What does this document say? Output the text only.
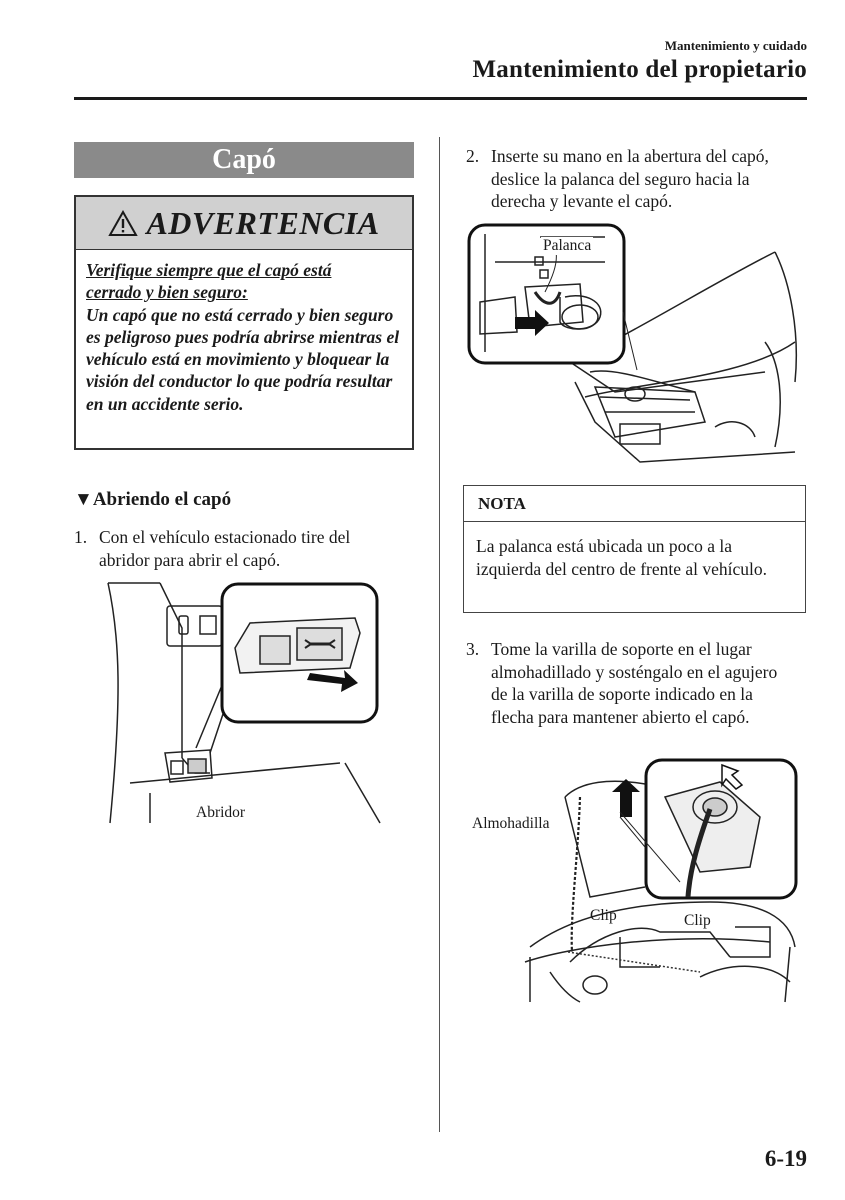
Mantenimiento y cuidado
Mantenimiento del propietario
Capó
ADVERTENCIA
Verifique siempre que el capó está
cerrado y bien seguro:
Un capó que no está cerrado y bien seguro es peligroso pues podría abrirse mientras el vehículo está en movimiento y bloquear la visión del conductor lo que podría resultar en un accidente serio.
▼Abriendo el capó
1. Con el vehículo estacionado tire del abridor para abrir el capó.
Abridor
2. Inserte su mano en la abertura del capó, deslice la palanca del seguro hacia la derecha y levante el capó.
Palanca
NOTA
La palanca está ubicada un poco a la izquierda del centro de frente al vehículo.
3. Tome la varilla de soporte en el lugar almohadillado y sosténgalo en el agujero de la varilla de soporte indicado en la flecha para mantener abierto el capó.
Almohadilla
Clip	Clip
6-19
